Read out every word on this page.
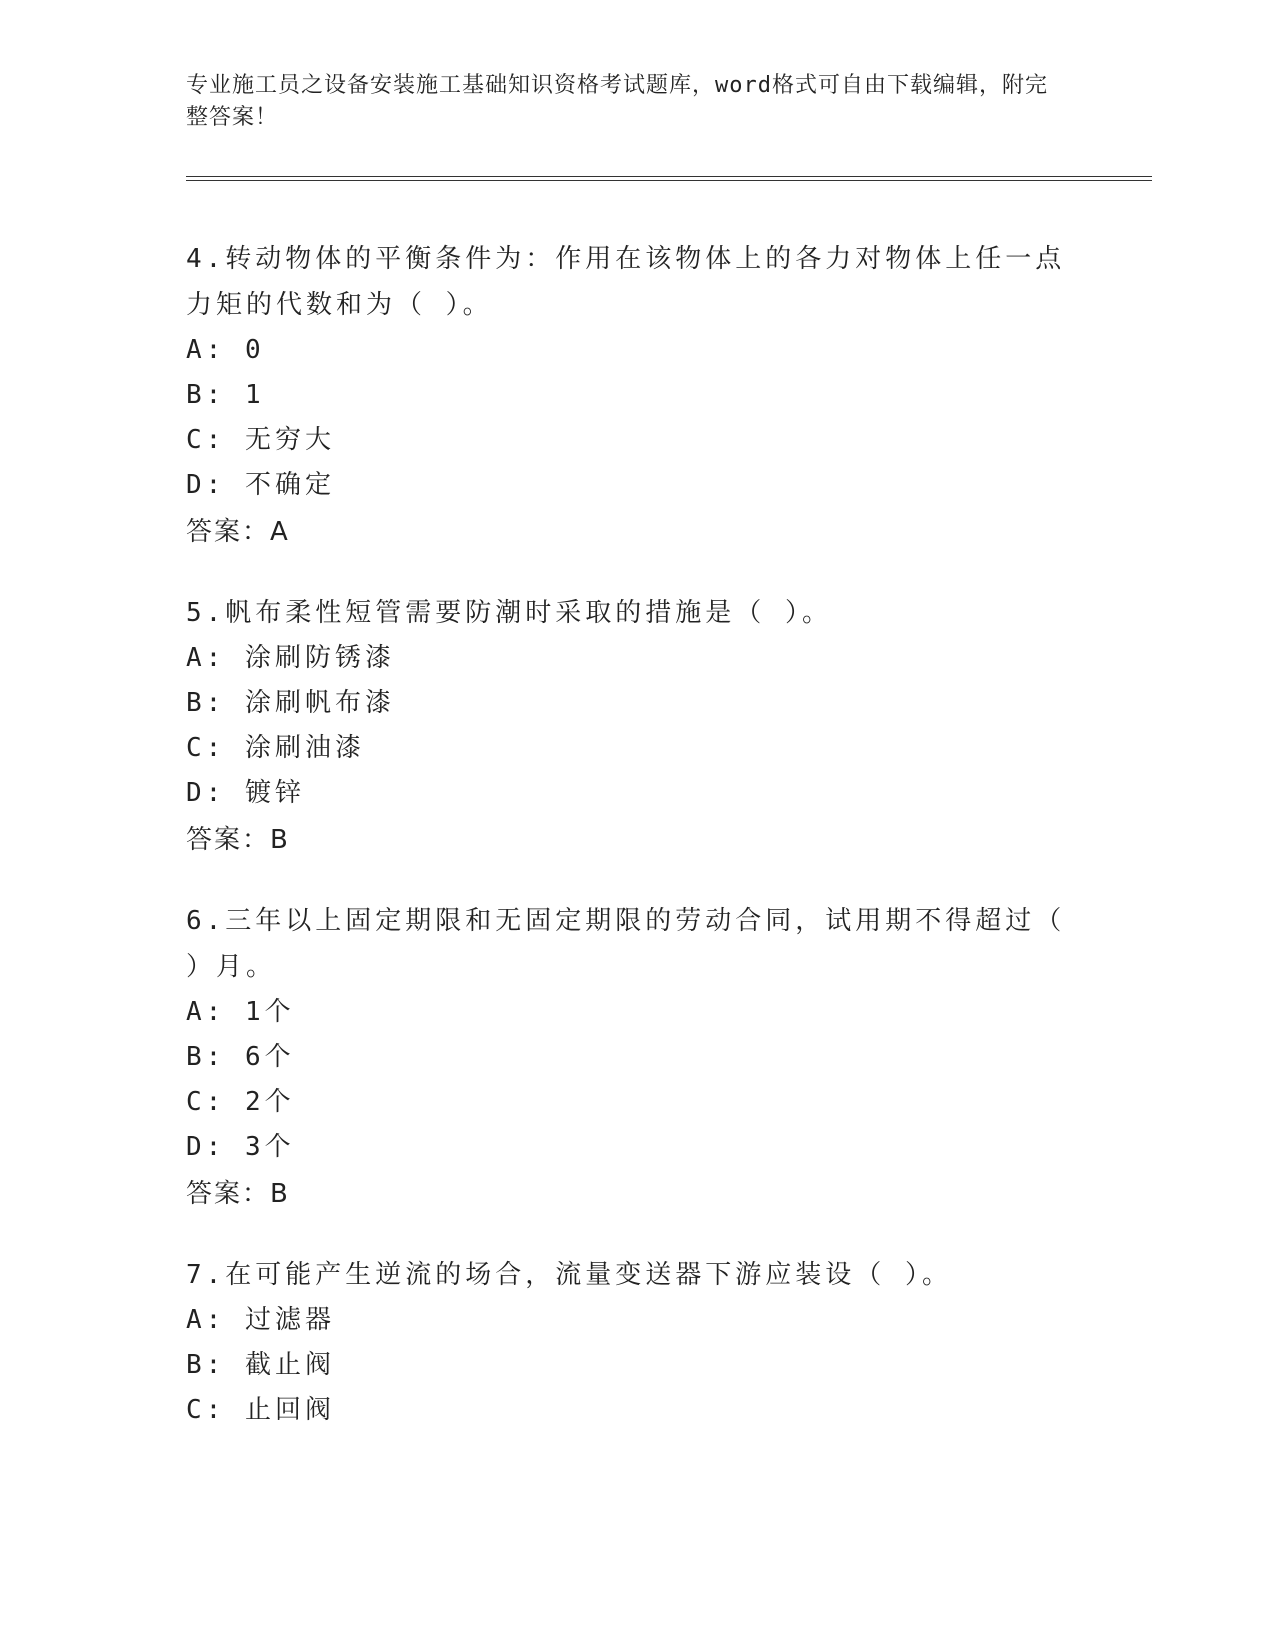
专业施工员之设备安装施工基础知识资格考试题库，word格式可自由下载编辑，附完整答案！

4.转动物体的平衡条件为：作用在该物体上的各力对物体上任一点力矩的代数和为（ ）。

A: 0

B: 1

C: 无穷大

D: 不确定

答案：A

5.帆布柔性短管需要防潮时采取的措施是（ ）。

A: 涂刷防锈漆

B: 涂刷帆布漆

C: 涂刷油漆

D: 镀锌

答案：B

6.三年以上固定期限和无固定期限的劳动合同，试用期不得超过（ ）月。

A: 1个

B: 6个

C: 2个

D: 3个

答案：B

7.在可能产生逆流的场合，流量变送器下游应装设（ ）。

A: 过滤器

B: 截止阀

C: 止回阀
